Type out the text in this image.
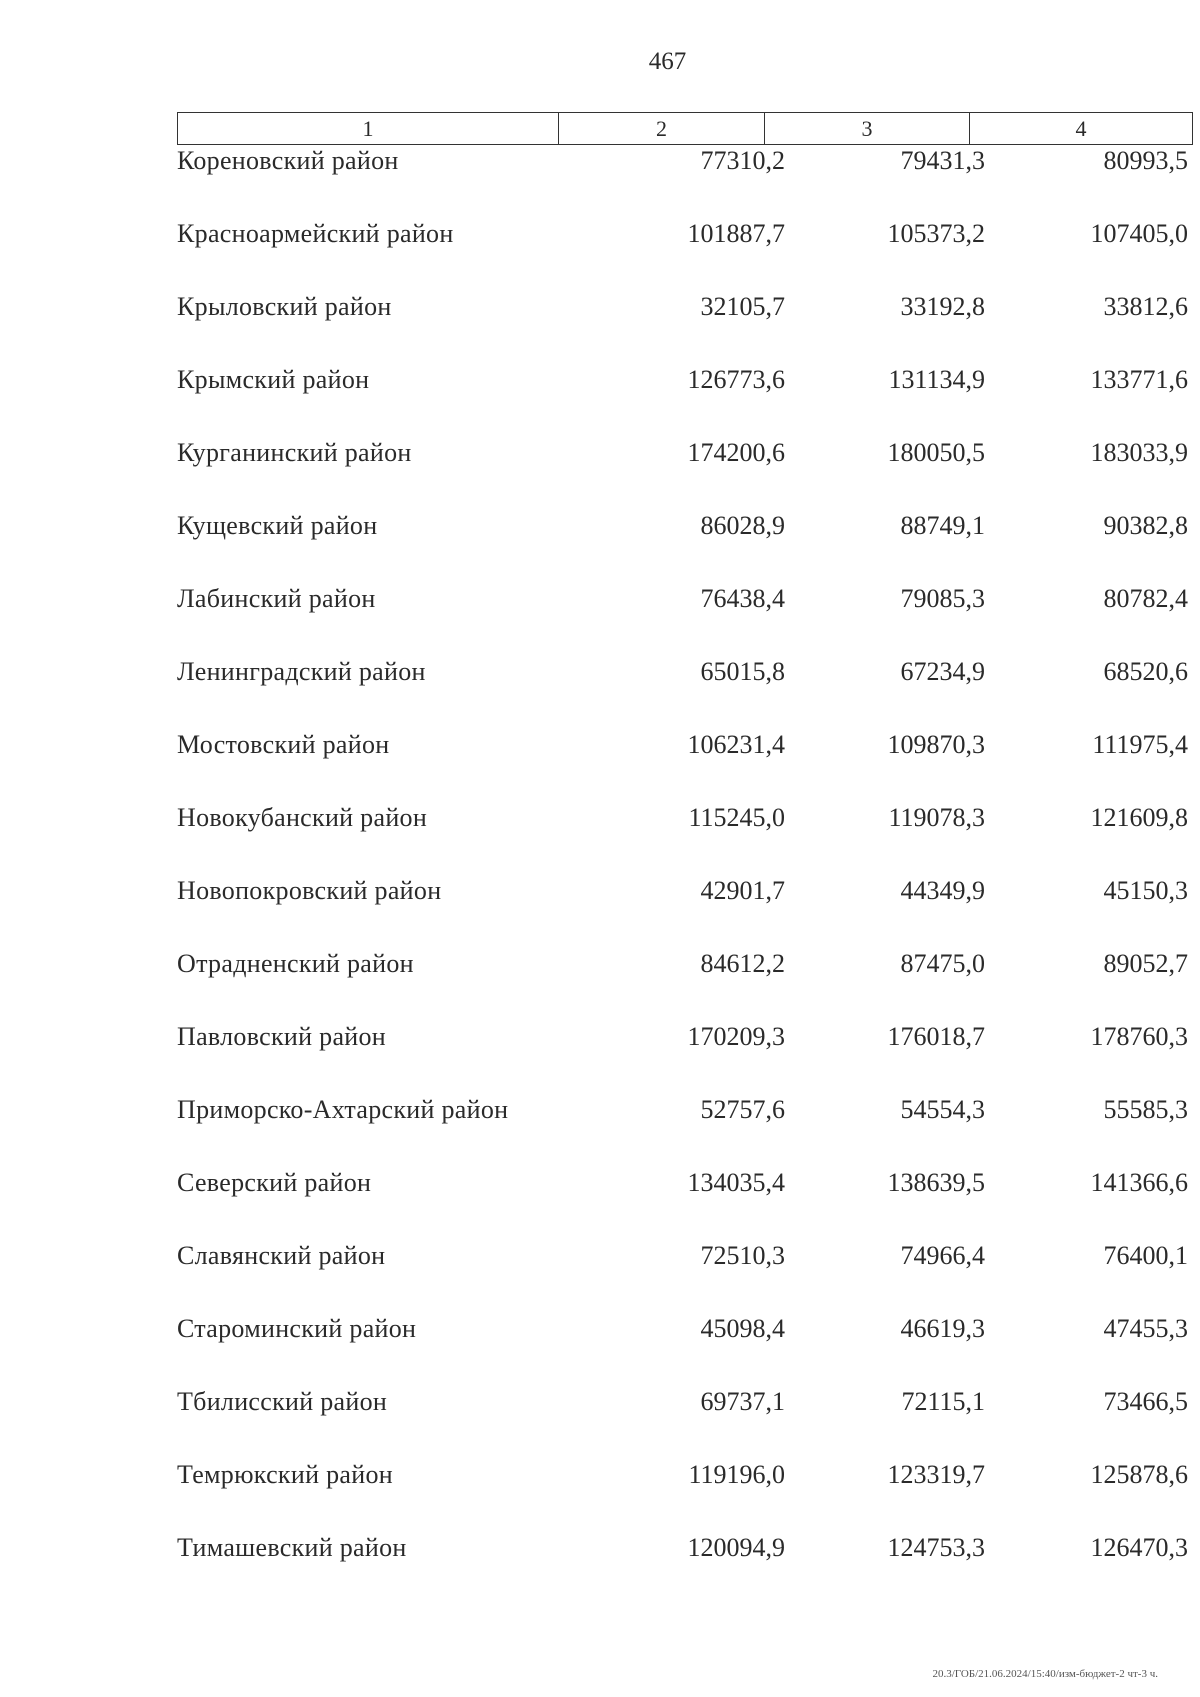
467
1	2	3	4
Кореновский район	77310,2	79431,3	80993,5
Красноармейский район	101887,7	105373,2	107405,0
Крыловский район	32105,7	33192,8	33812,6
Крымский район	126773,6	131134,9	133771,6
Курганинский район	174200,6	180050,5	183033,9
Кущевский район	86028,9	88749,1	90382,8
Лабинский район	76438,4	79085,3	80782,4
Ленинградский район	65015,8	67234,9	68520,6
Мостовский район	106231,4	109870,3	111975,4
Новокубанский район	115245,0	119078,3	121609,8
Новопокровский район	42901,7	44349,9	45150,3
Отрадненский район	84612,2	87475,0	89052,7
Павловский район	170209,3	176018,7	178760,3
Приморско-Ахтарский район	52757,6	54554,3	55585,3
Северский район	134035,4	138639,5	141366,6
Славянский район	72510,3	74966,4	76400,1
Староминский район	45098,4	46619,3	47455,3
Тбилисский район	69737,1	72115,1	73466,5
Темрюкский район	119196,0	123319,7	125878,6
Тимашевский район	120094,9	124753,3	126470,3
20.3/ГОБ/21.06.2024/15:40/изм-бюджет-2 чт-3 ч.
